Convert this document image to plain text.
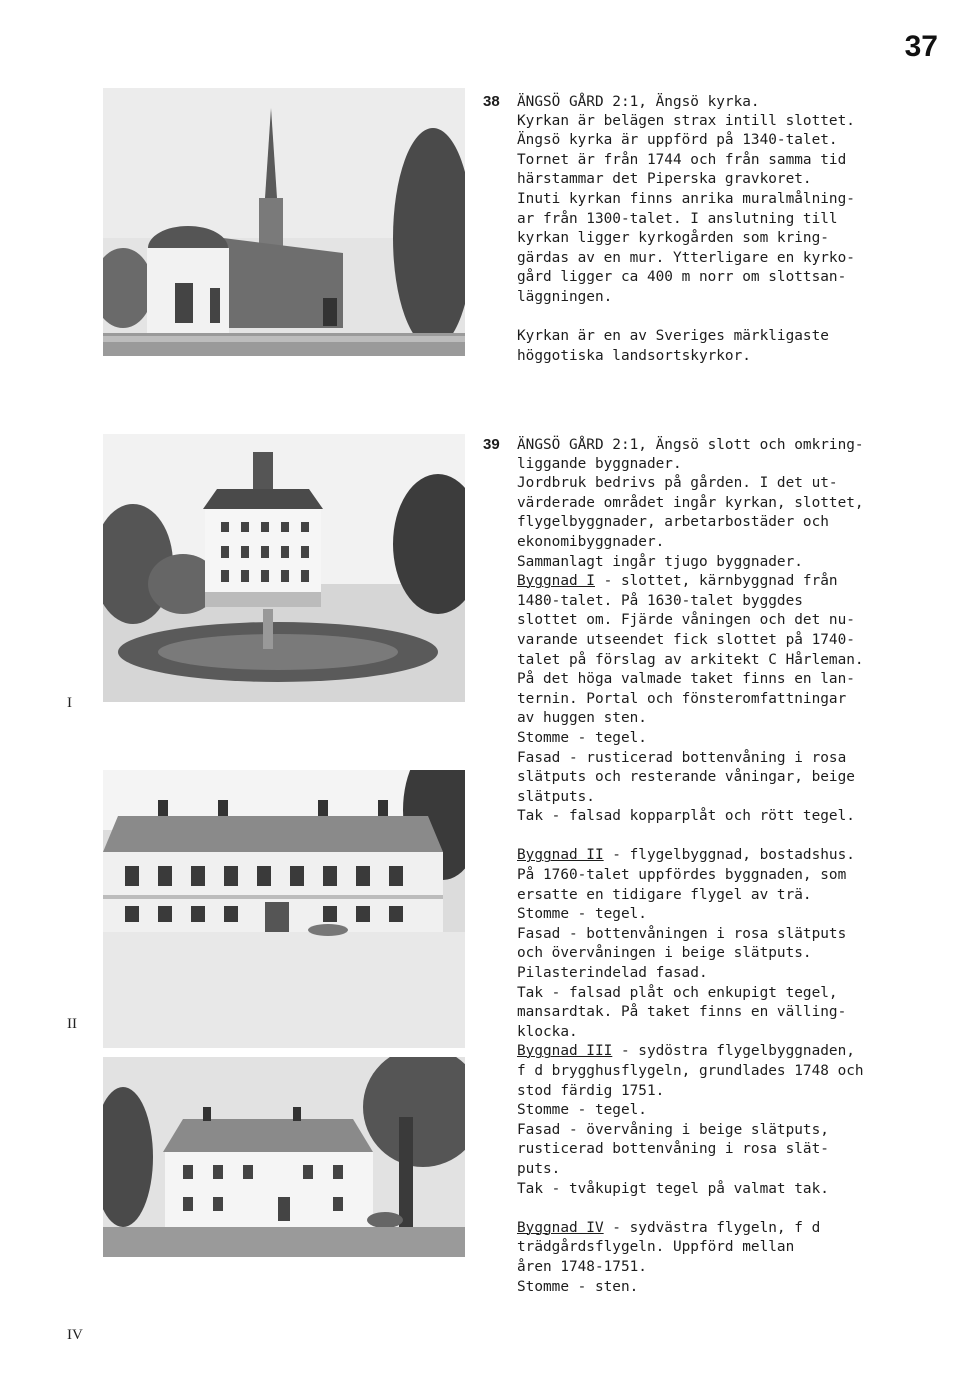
37
I
II
IV
38 ÄNGSÖ GÅRD 2:1, Ängsö kyrka.
Kyrkan är belägen strax intill slottet.
Ängsö kyrka är uppförd på 1340-talet.
Tornet är från 1744 och från samma tid
härstammar det Piperska gravkoret.
Inuti kyrkan finns anrika muralmålning-
ar från 1300-talet. I anslutning till
kyrkan ligger kyrkogården som kring-
gärdas av en mur. Ytterligare en kyrko-
gård ligger ca 400 m norr om slottsan-
läggningen.
Kyrkan är en av Sveriges märkligaste
höggotiska landsortskyrkor.
39 ÄNGSÖ GÅRD 2:1, Ängsö slott och omkring-
liggande byggnader.
Jordbruk bedrivs på gården. I det ut-
värderade området ingår kyrkan, slottet,
flygelbyggnader, arbetarbostäder och
ekonomibyggnader.
Sammanlagt ingår tjugo byggnader.
Byggnad I - slottet, kärnbyggnad från
1480-talet. På 1630-talet byggdes
slottet om. Fjärde våningen och det nu-
varande utseendet fick slottet på 1740-
talet på förslag av arkitekt C Hårleman.
På det höga valmade taket finns en lan-
ternin. Portal och fönsteromfattningar
av huggen sten.
Stomme - tegel.
Fasad - rusticerad bottenvåning i rosa
slätputs och resterande våningar, beige
slätputs.
Tak - falsad kopparplåt och rött tegel.
Byggnad II - flygelbyggnad, bostadshus.
På 1760-talet uppfördes byggnaden, som
ersatte en tidigare flygel av trä.
Stomme - tegel.
Fasad - bottenvåningen i rosa slätputs
och övervåningen i beige slätputs.
Pilasterindelad fasad.
Tak - falsad plåt och enkupigt tegel,
mansardtak. På taket finns en välling-
klocka.
Byggnad III - sydöstra flygelbyggnaden,
f d brygghusflygeln, grundlades 1748 och
stod färdig 1751.
Stomme - tegel.
Fasad - övervåning i beige slätputs,
rusticerad bottenvåning i rosa slät-
puts.
Tak - tvåkupigt tegel på valmat tak.
Byggnad IV - sydvästra flygeln, f d
trädgårdsflygeln. Uppförd mellan
åren 1748-1751.
Stomme - sten.
